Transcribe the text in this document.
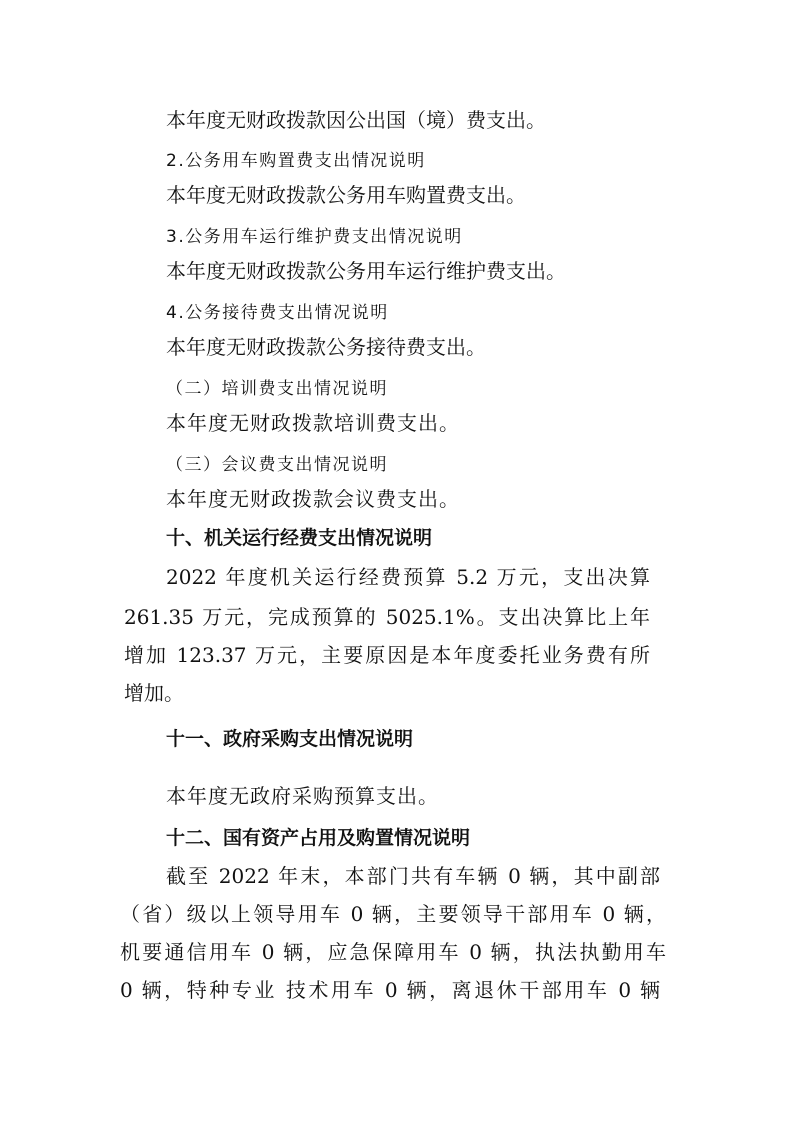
本年度无财政拨款因公出国（境）费支出。
2.公务用车购置费支出情况说明
本年度无财政拨款公务用车购置费支出。
3.公务用车运行维护费支出情况说明
本年度无财政拨款公务用车运行维护费支出。
4.公务接待费支出情况说明
本年度无财政拨款公务接待费支出。
（二）培训费支出情况说明
本年度无财政拨款培训费支出。
（三）会议费支出情况说明
本年度无财政拨款会议费支出。
十、机关运行经费支出情况说明
2022 年度机关运行经费预算 5.2 万元，支出决算
261.35 万元，完成预算的 5025.1%。支出决算比上年
增加 123.37 万元，主要原因是本年度委托业务费有所
增加。
十一、政府采购支出情况说明
本年度无政府采购预算支出。
十二、国有资产占用及购置情况说明
截至 2022 年末，本部门共有车辆 0 辆，其中副部
（省）级以上领导用车 0 辆，主要领导干部用车 0 辆，
机要通信用车 0 辆，应急保障用车 0 辆，执法执勤用车
0 辆，特种专业 技术用车 0 辆，离退休干部用车 0 辆
